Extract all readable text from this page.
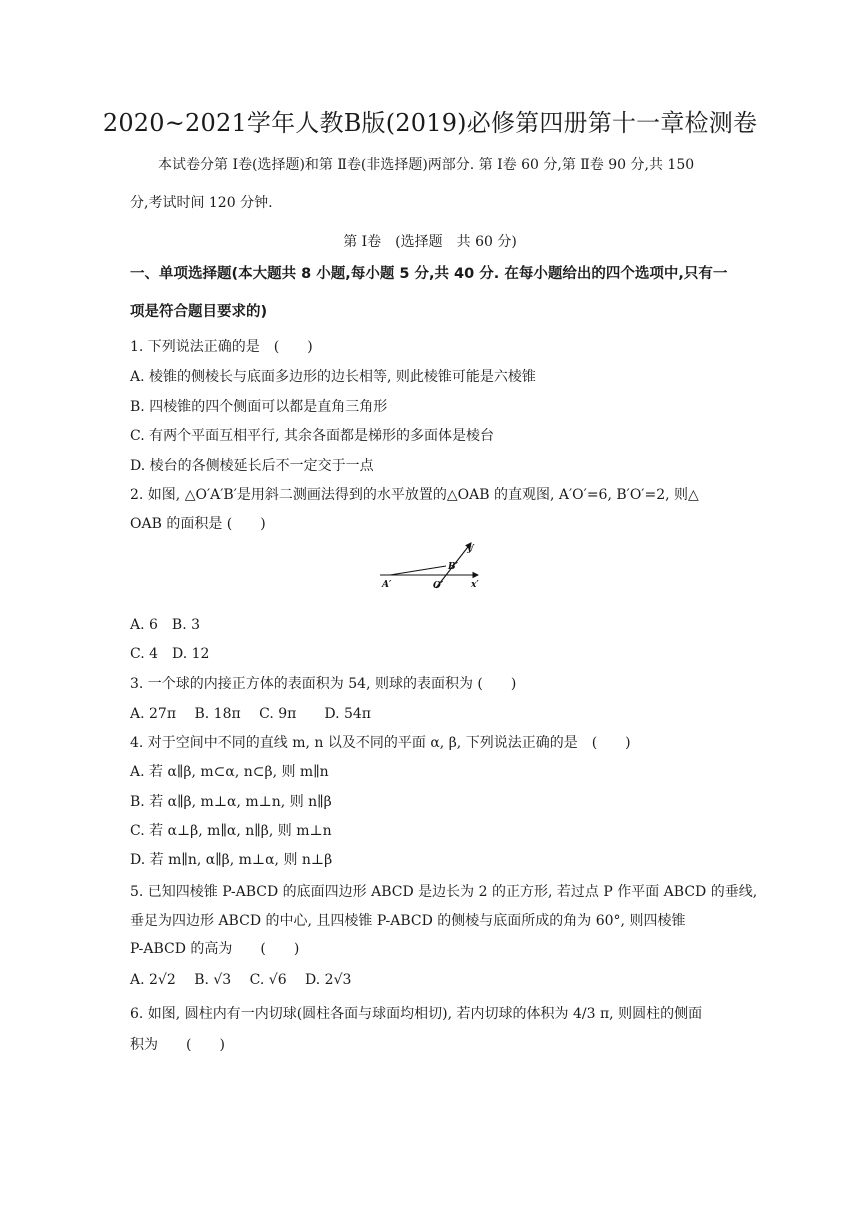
2020~2021学年人教B版(2019)必修第四册第十一章检测卷
本试卷分第 Ⅰ卷(选择题)和第 Ⅱ卷(非选择题)两部分. 第 Ⅰ卷 60 分,第 Ⅱ卷 90 分,共 150
分,考试时间 120 分钟.
第 Ⅰ卷　(选择题　共 60 分)
一、单项选择题(本大题共 8 小题,每小题 5 分,共 40 分. 在每小题给出的四个选项中,只有一
项是符合题目要求的)
1. 下列说法正确的是　(　　)
A. 棱锥的侧棱长与底面多边形的边长相等, 则此棱锥可能是六棱锥
B. 四棱锥的四个侧面可以都是直角三角形
C. 有两个平面互相平行, 其余各面都是梯形的多面体是棱台
D. 棱台的各侧棱延长后不一定交于一点
2. 如图, △O′A′B′是用斜二测画法得到的水平放置的△OAB 的直观图, A′O′=6, B′O′=2, 则△
OAB 的面积是 (　　)
A′	O′
B′
x′
y′
A. 6　B. 3
C. 4　D. 12
3. 一个球的内接正方体的表面积为 54, 则球的表面积为 (　　)
A. 27π　 B. 18π　 C. 9π　　D. 54π
4. 对于空间中不同的直线 m, n 以及不同的平面 α, β, 下列说法正确的是　(　　)
A. 若 α∥β, m⊂α, n⊂β, 则 m∥n
B. 若 α∥β, m⊥α, m⊥n, 则 n∥β
C. 若 α⊥β, m∥α, n∥β, 则 m⊥n
D. 若 m∥n, α∥β, m⊥α, 则 n⊥β
5. 已知四棱锥 P-ABCD 的底面四边形 ABCD 是边长为 2 的正方形, 若过点 P 作平面 ABCD 的垂线,
垂足为四边形 ABCD 的中心, 且四棱锥 P-ABCD 的侧棱与底面所成的角为 60°, 则四棱锥
P-ABCD 的高为　　(　　)
A. 2√2　 B. √3　 C. √6　 D. 2√3
6. 如图, 圆柱内有一内切球(圆柱各面与球面均相切), 若内切球的体积为 4/3 π, 则圆柱的侧面
积为　　(　　)
